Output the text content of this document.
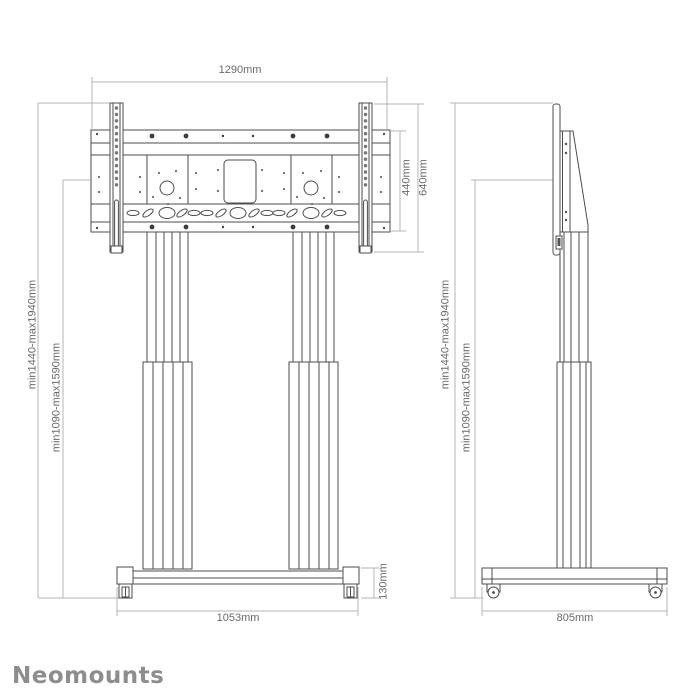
1290mm
440mm 640mm
min1440-max1940mm
min1090-max1590mm
130mm
1053mm
min1440-max1940mm
min1090-max1590mm
805mm
Neomounts
